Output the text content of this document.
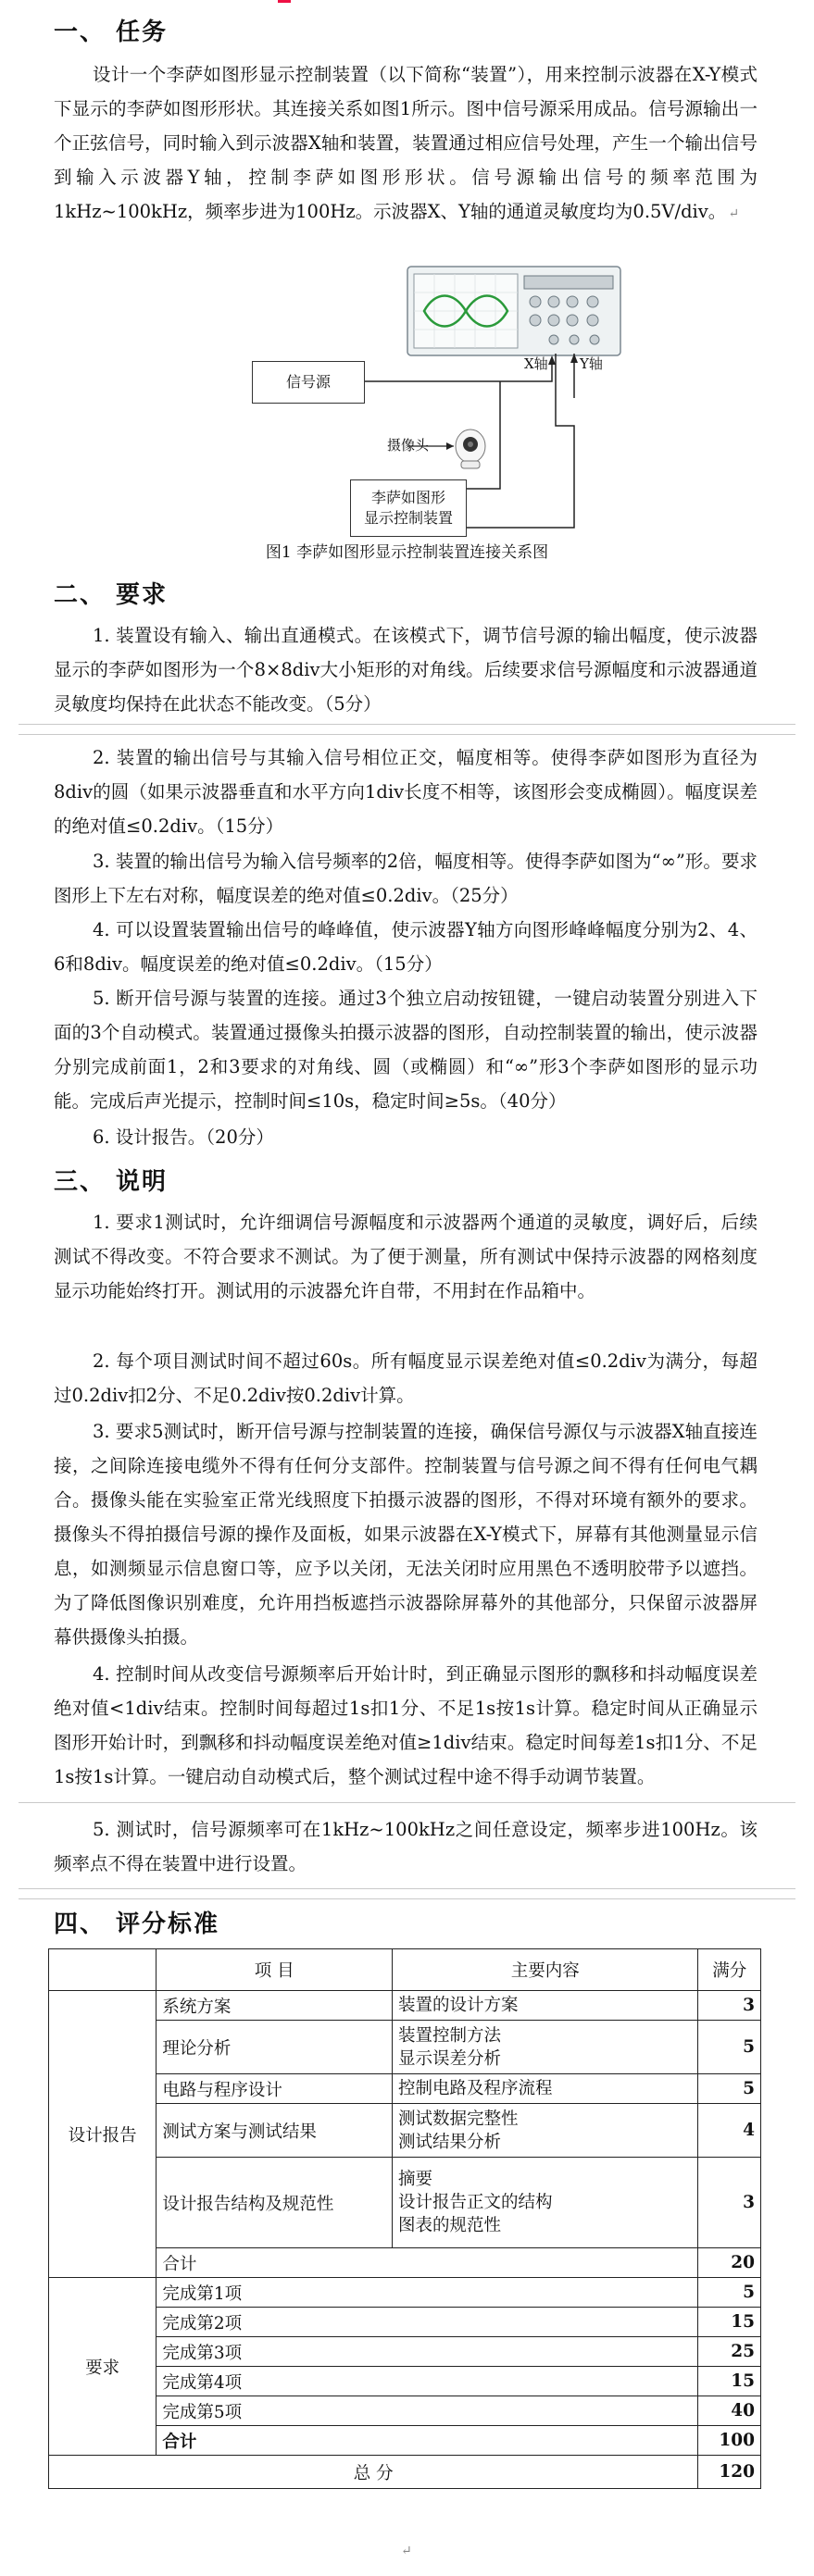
一、 任务
设计一个李萨如图形显示控制装置（以下简称“装置”），用来控制示波器在X-Y模式下显示的李萨如图形形状。其连接关系如图1所示。图中信号源采用成品。信号源输出一个正弦信号，同时输入到示波器X轴和装置，装置通过相应信号处理，产生一个输出信号到输入示波器Y轴，控制李萨如图形形状。信号源输出信号的频率范围为1kHz~100kHz，频率步进为100Hz。示波器X、Y轴的通道灵敏度均为0.5V/div。 ↵
信号源
摄像头
李萨如图形
显示控制装置
X轴 Y轴
图1 李萨如图形显示控制装置连接关系图
二、 要求
1. 装置设有输入、输出直通模式。在该模式下，调节信号源的输出幅度，使示波器显示的李萨如图形为一个8×8div大小矩形的对角线。后续要求信号源幅度和示波器通道灵敏度均保持在此状态不能改变。（5分）
2. 装置的输出信号与其输入信号相位正交，幅度相等。使得李萨如图形为直径为8div的圆（如果示波器垂直和水平方向1div长度不相等，该图形会变成椭圆）。幅度误差的绝对值≤0.2div。（15分）
3. 装置的输出信号为输入信号频率的2倍，幅度相等。使得李萨如图为“∞”形。要求图形上下左右对称，幅度误差的绝对值≤0.2div。（25分）
4. 可以设置装置输出信号的峰峰值，使示波器Y轴方向图形峰峰幅度分别为2、4、6和8div。幅度误差的绝对值≤0.2div。（15分）
5. 断开信号源与装置的连接。通过3个独立启动按钮键，一键启动装置分别进入下面的3个自动模式。装置通过摄像头拍摄示波器的图形，自动控制装置的输出，使示波器分别完成前面1，2和3要求的对角线、圆（或椭圆）和“∞”形3个李萨如图形的显示功能。完成后声光提示，控制时间≤10s，稳定时间≥5s。（40分）
6. 设计报告。（20分）
三、 说明
1. 要求1测试时，允许细调信号源幅度和示波器两个通道的灵敏度，调好后，后续测试不得改变。不符合要求不测试。为了便于测量，所有测试中保持示波器的网格刻度显示功能始终打开。测试用的示波器允许自带，不用封在作品箱中。
2. 每个项目测试时间不超过60s。所有幅度显示误差绝对值≤0.2div为满分，每超过0.2div扣2分、不足0.2div按0.2div计算。
3. 要求5测试时，断开信号源与控制装置的连接，确保信号源仅与示波器X轴直接连接，之间除连接电缆外不得有任何分支部件。控制装置与信号源之间不得有任何电气耦合。摄像头能在实验室正常光线照度下拍摄示波器的图形，不得对环境有额外的要求。摄像头不得拍摄信号源的操作及面板，如果示波器在X-Y模式下，屏幕有其他测量显示信息，如测频显示信息窗口等，应予以关闭，无法关闭时应用黑色不透明胶带予以遮挡。为了降低图像识别难度，允许用挡板遮挡示波器除屏幕外的其他部分，只保留示波器屏幕供摄像头拍摄。
4. 控制时间从改变信号源频率后开始计时，到正确显示图形的飘移和抖动幅度误差绝对值<1div结束。控制时间每超过1s扣1分、不足1s按1s计算。稳定时间从正确显示图形开始计时，到飘移和抖动幅度误差绝对值≥1div结束。稳定时间每差1s扣1分、不足1s按1s计算。一键启动自动模式后，整个测试过程中途不得手动调节装置。
5. 测试时，信号源频率可在1kHz~100kHz之间任意设定，频率步进100Hz。该频率点不得在装置中进行设置。
四、 评分标准
	项 目	主要内容	满分
设计报告	系统方案	装置的设计方案	3
	理论分析	装置控制方法
显示误差分析	5
	电路与程序设计	控制电路及程序流程	5
	测试方案与测试结果	测试数据完整性
测试结果分析	4
	设计报告结构及规范性	摘要
设计报告正文的结构
图表的规范性	3
	合计		20
要求	完成第1项		5
	完成第2项		15
	完成第3项		25
	完成第4项		15
	完成第5项		40
	合计		100
总 分			120
↵
